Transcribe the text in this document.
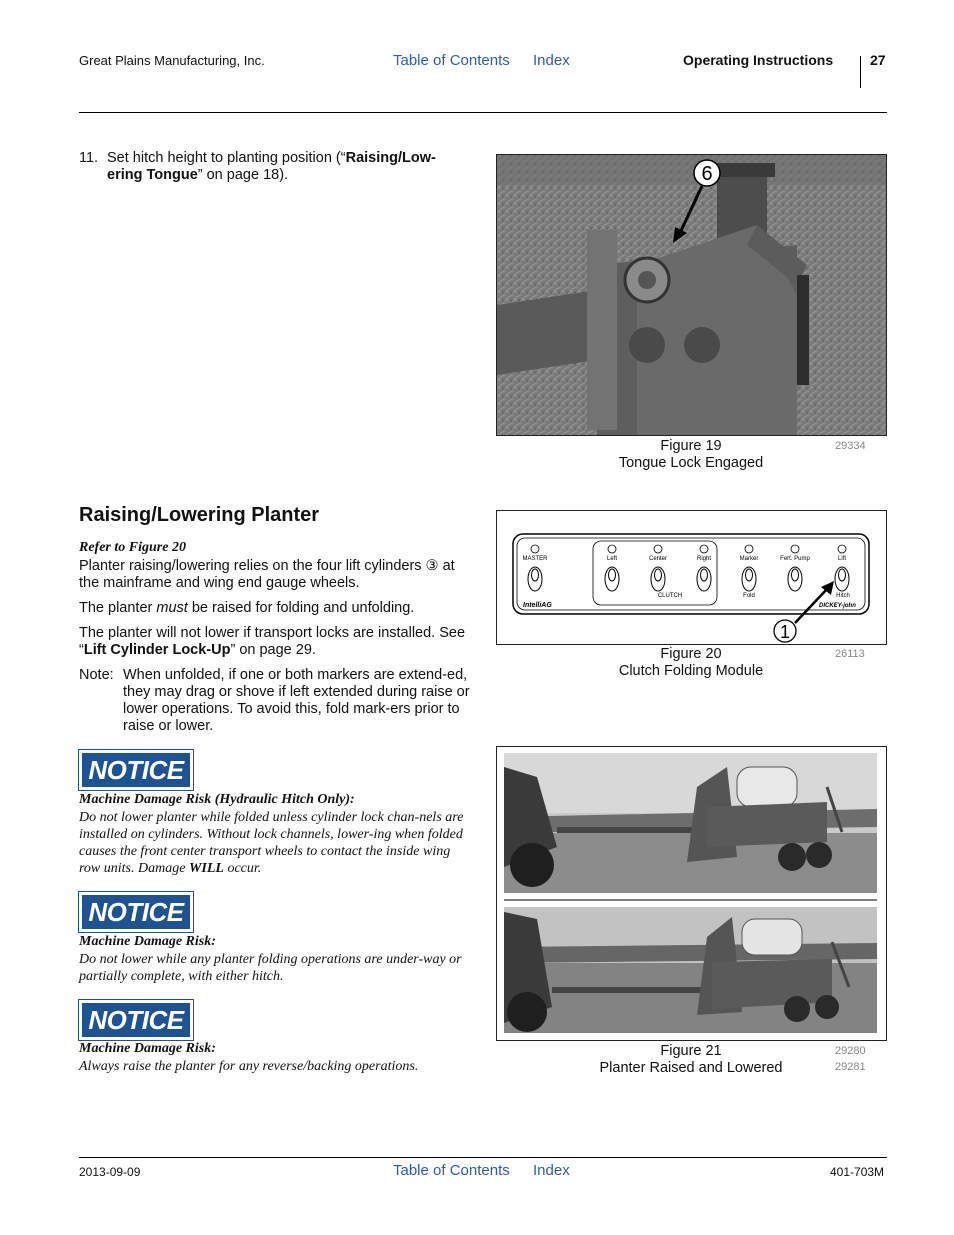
Great Plains Manufacturing, Inc.	Table of Contents Index	Operating Instructions	27
11. Set hitch height to planting position (“Raising/Low-ering Tongue” on page 18).	6
Figure 19
Tongue Lock Engaged
29334
Raising/Lowering Planter
Refer to Figure 20
Planter raising/lowering relies on the four lift cylinders ③ at the mainframe and wing end gauge wheels.
The planter must be raised for folding and unfolding.
The planter will not lower if transport locks are installed. See “Lift Cylinder Lock-Up” on page 29.
Note: When unfolded, if one or both markers are extend-ed, they may drag or shove if left extended during raise or lower operations. To avoid this, fold mark-ers prior to raise or lower.
MASTER	Left	Center	Right	Marker	Fert. Pump	Lift
CLUTCH	Fold	Hitch
IntelliAG	DICKEY-john
1
Figure 20
Clutch Folding Module
26113
NOTICE
Machine Damage Risk (Hydraulic Hitch Only):
Do not lower planter while folded unless cylinder lock chan-nels are installed on cylinders. Without lock channels, lower-ing when folded causes the front center transport wheels to contact the inside wing row units. Damage WILL occur.
NOTICE
Machine Damage Risk:
Do not lower while any planter folding operations are under-way or partially complete, with either hitch.
NOTICE
Machine Damage Risk:
Always raise the planter for any reverse/backing operations.
Figure 21
Planter Raised and Lowered
29280
29281
2013-09-09	Table of Contents Index	401-703M
